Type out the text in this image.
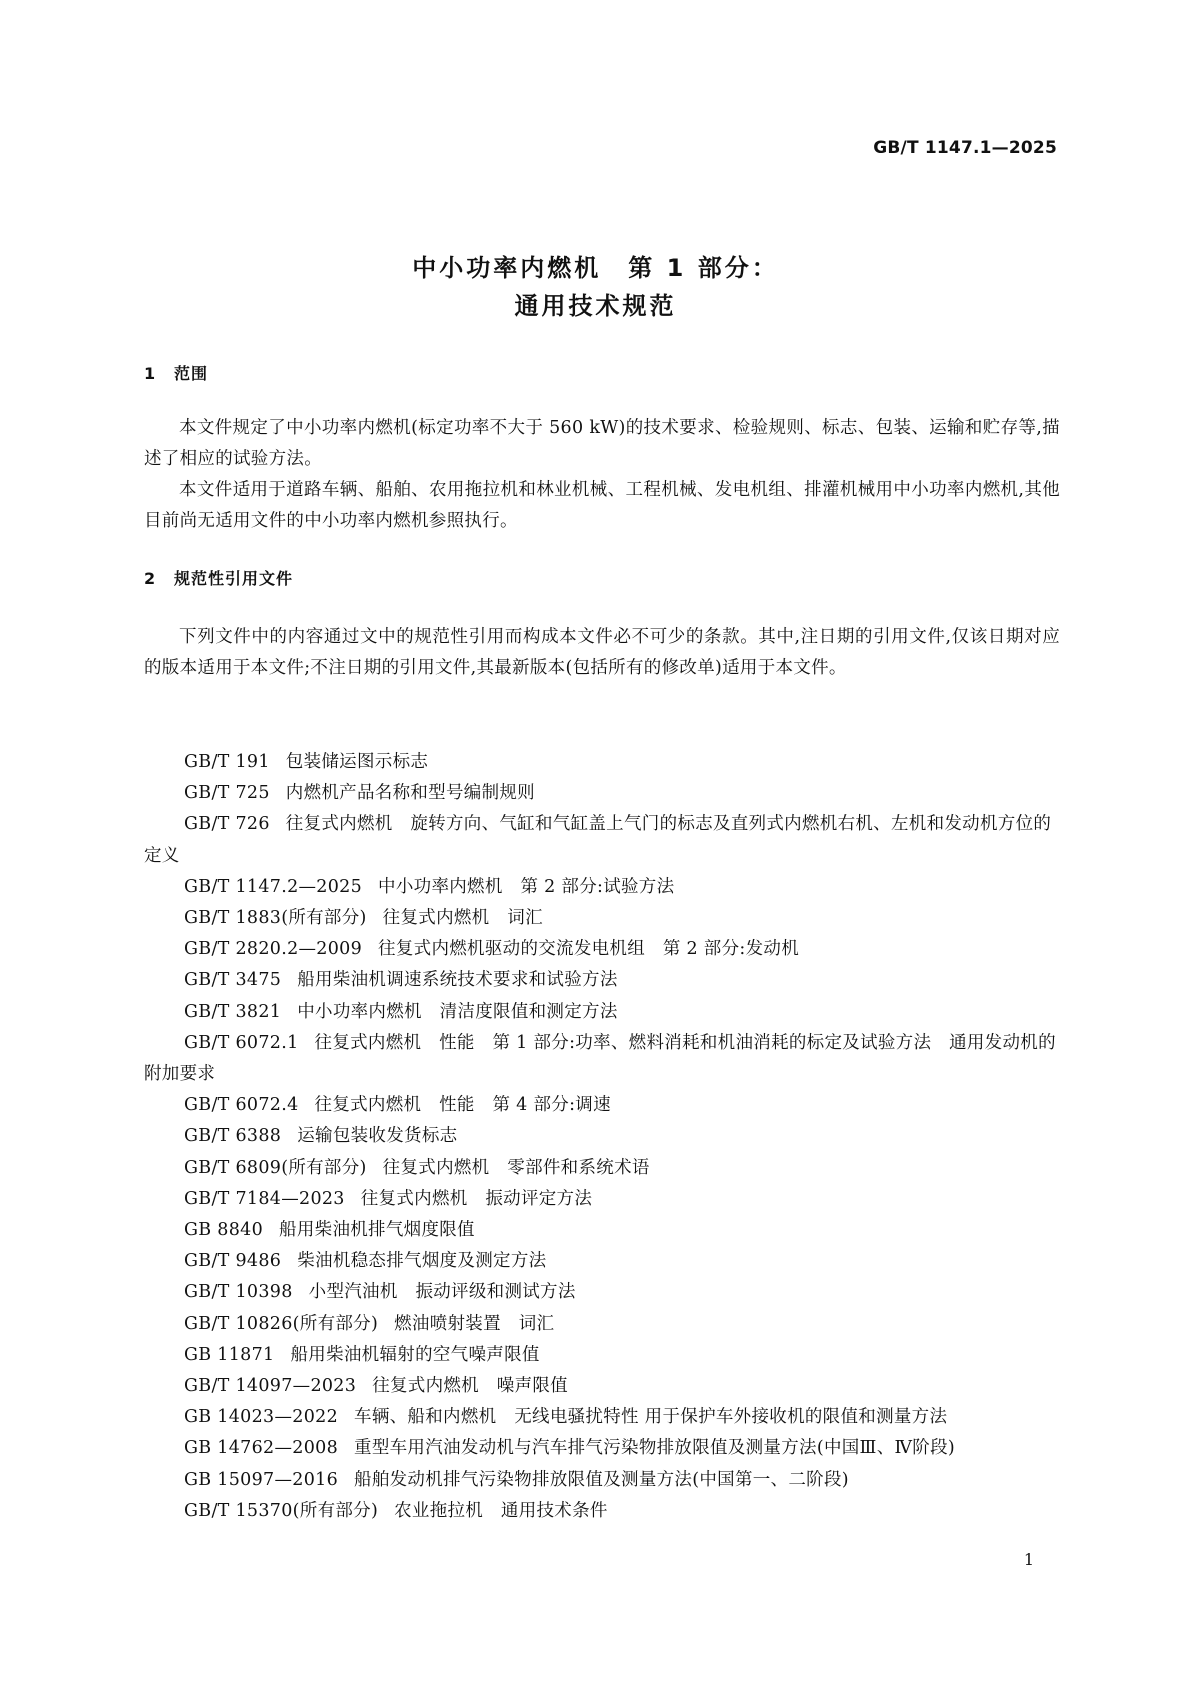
GB/T 1147.1—2025
中小功率内燃机　第 1 部分：
通用技术规范
1 范围
本文件规定了中小功率内燃机(标定功率不大于 560 kW)的技术要求、检验规则、标志、包装、运输和贮存等,描述了相应的试验方法。
本文件适用于道路车辆、船舶、农用拖拉机和林业机械、工程机械、发电机组、排灌机械用中小功率内燃机,其他目前尚无适用文件的中小功率内燃机参照执行。
2 规范性引用文件
下列文件中的内容通过文中的规范性引用而构成本文件必不可少的条款。其中,注日期的引用文件,仅该日期对应的版本适用于本文件;不注日期的引用文件,其最新版本(包括所有的修改单)适用于本文件。
GB/T 191 包装储运图示标志
GB/T 725 内燃机产品名称和型号编制规则
GB/T 726 往复式内燃机　旋转方向、气缸和气缸盖上气门的标志及直列式内燃机右机、左机和发动机方位的定义
GB/T 1147.2—2025 中小功率内燃机　第 2 部分:试验方法
GB/T 1883(所有部分) 往复式内燃机　词汇
GB/T 2820.2—2009 往复式内燃机驱动的交流发电机组　第 2 部分:发动机
GB/T 3475 船用柴油机调速系统技术要求和试验方法
GB/T 3821 中小功率内燃机　清洁度限值和测定方法
GB/T 6072.1 往复式内燃机　性能　第 1 部分:功率、燃料消耗和机油消耗的标定及试验方法　通用发动机的附加要求
GB/T 6072.4 往复式内燃机　性能　第 4 部分:调速
GB/T 6388 运输包装收发货标志
GB/T 6809(所有部分) 往复式内燃机　零部件和系统术语
GB/T 7184—2023 往复式内燃机　振动评定方法
GB 8840 船用柴油机排气烟度限值
GB/T 9486 柴油机稳态排气烟度及测定方法
GB/T 10398 小型汽油机　振动评级和测试方法
GB/T 10826(所有部分) 燃油喷射装置　词汇
GB 11871 船用柴油机辐射的空气噪声限值
GB/T 14097—2023 往复式内燃机　噪声限值
GB 14023—2022 车辆、船和内燃机　无线电骚扰特性 用于保护车外接收机的限值和测量方法
GB 14762—2008 重型车用汽油发动机与汽车排气污染物排放限值及测量方法(中国Ⅲ、Ⅳ阶段)
GB 15097—2016 船舶发动机排气污染物排放限值及测量方法(中国第一、二阶段)
GB/T 15370(所有部分) 农业拖拉机　通用技术条件
1
